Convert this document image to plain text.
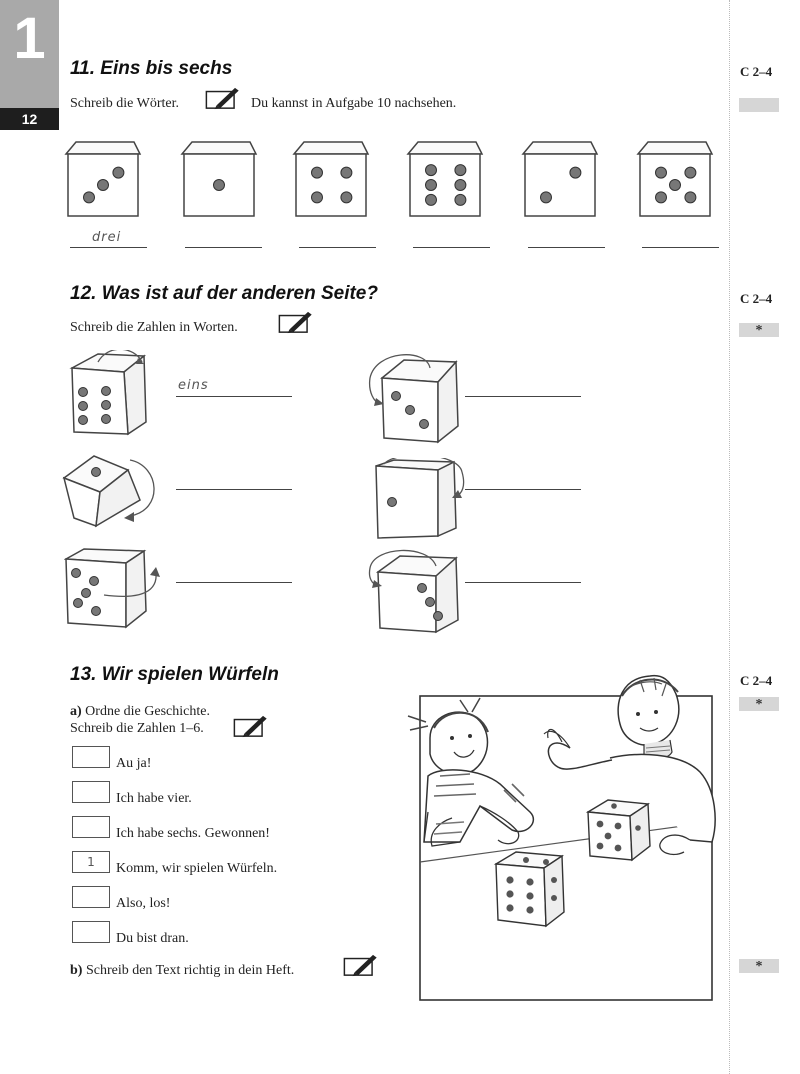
1
12
11. Eins bis sechs	C 2–4
Schreib die Wörter.	Du kannst in Aufgabe 10 nachsehen.
drei
12. Was ist auf der anderen Seite?	C 2–4
*
Schreib die Zahlen in Worten.
eins
13. Wir spielen Würfeln	C 2–4
*
*
a) Ordne die Geschichte.
Schreib die Zahlen 1–6.
Au ja!
Ich habe vier.
Ich habe sechs. Gewonnen!
1	Komm, wir spielen Würfeln.
Also, los!
Du bist dran.
b) Schreib den Text richtig in dein Heft.
